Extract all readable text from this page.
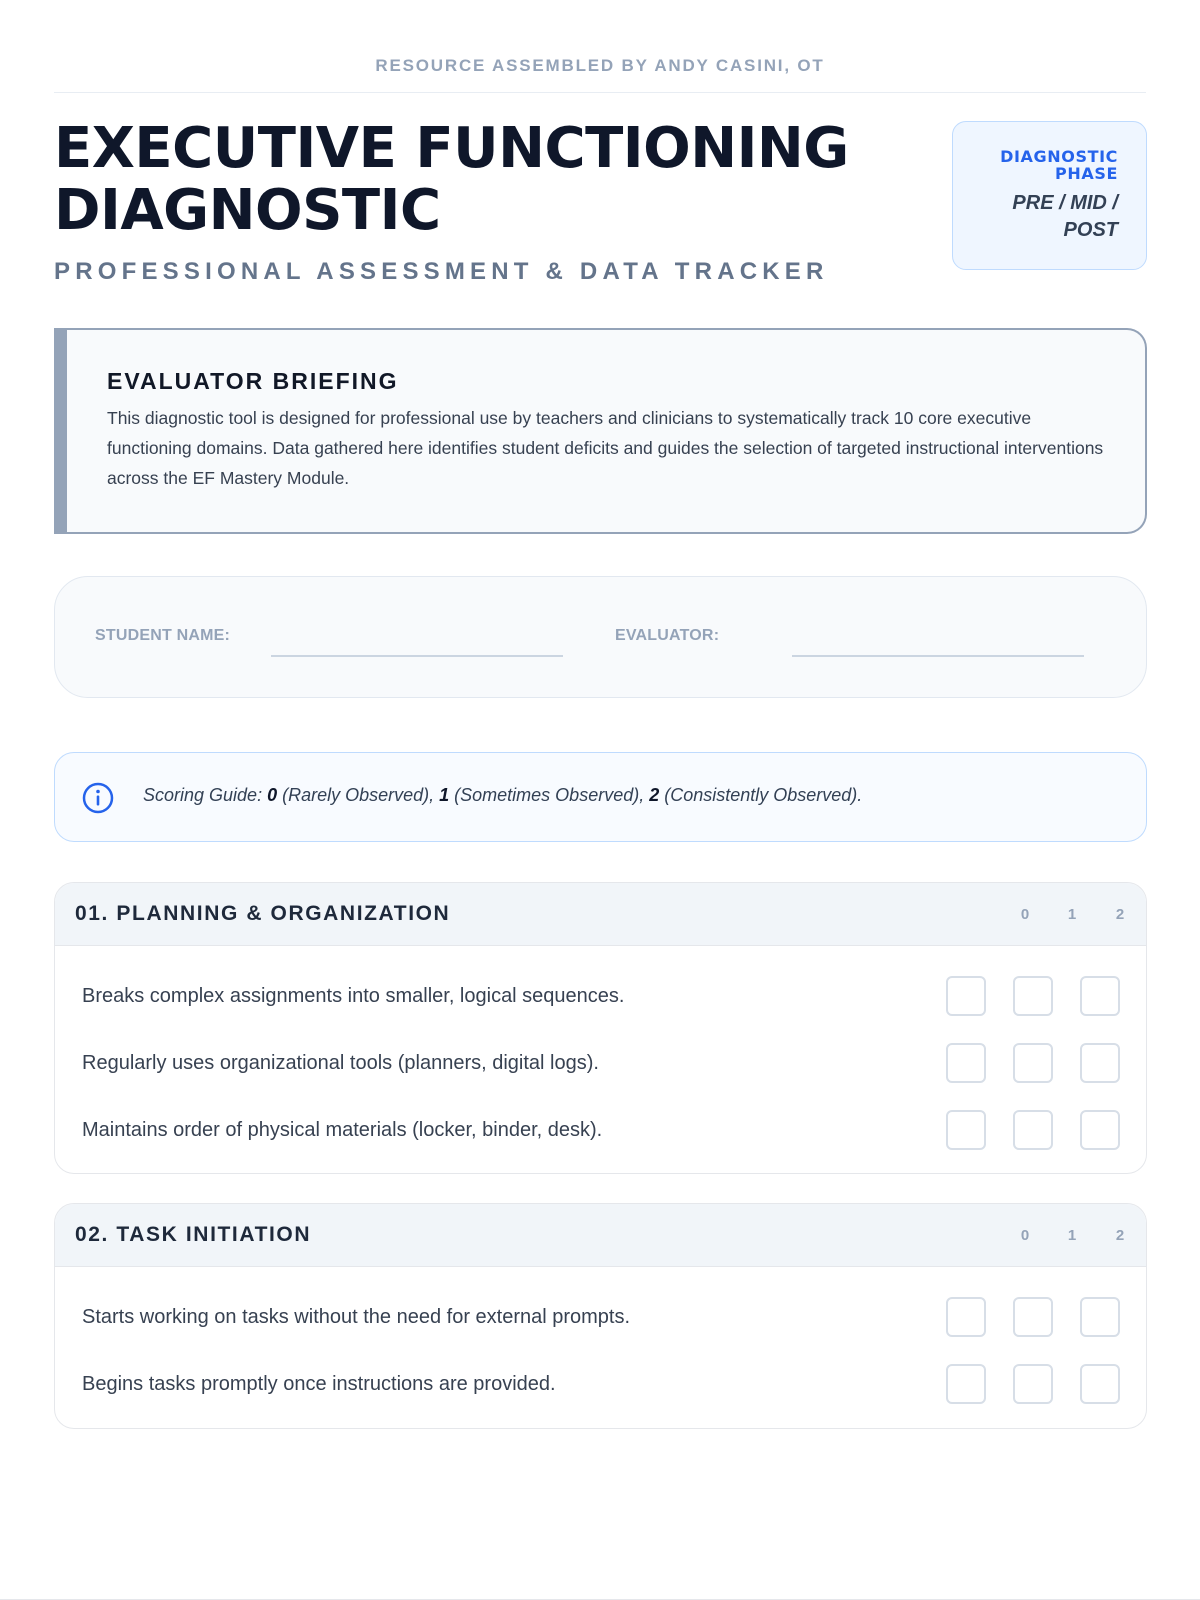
RESOURCE ASSEMBLED BY ANDY CASINI, OT
EXECUTIVE FUNCTIONING DIAGNOSTIC
PROFESSIONAL ASSESSMENT & DATA TRACKER
DIAGNOSTIC PHASE
PRE / MID / POST
EVALUATOR BRIEFING

This diagnostic tool is designed for professional use by teachers and clinicians to systematically track 10 core executive functioning domains. Data gathered here identifies student deficits and guides the selection of targeted instructional interventions across the EF Mastery Module.

STUDENT NAME:	EVALUATOR:
Scoring Guide: 0 (Rarely Observed), 1 (Sometimes Observed), 2 (Consistently Observed).
01. PLANNING & ORGANIZATION	0	1	2
Breaks complex assignments into smaller, logical sequences.
Regularly uses organizational tools (planners, digital logs).
Maintains order of physical materials (locker, binder, desk).
02. TASK INITIATION	0	1	2
Starts working on tasks without the need for external prompts.
Begins tasks promptly once instructions are provided.
